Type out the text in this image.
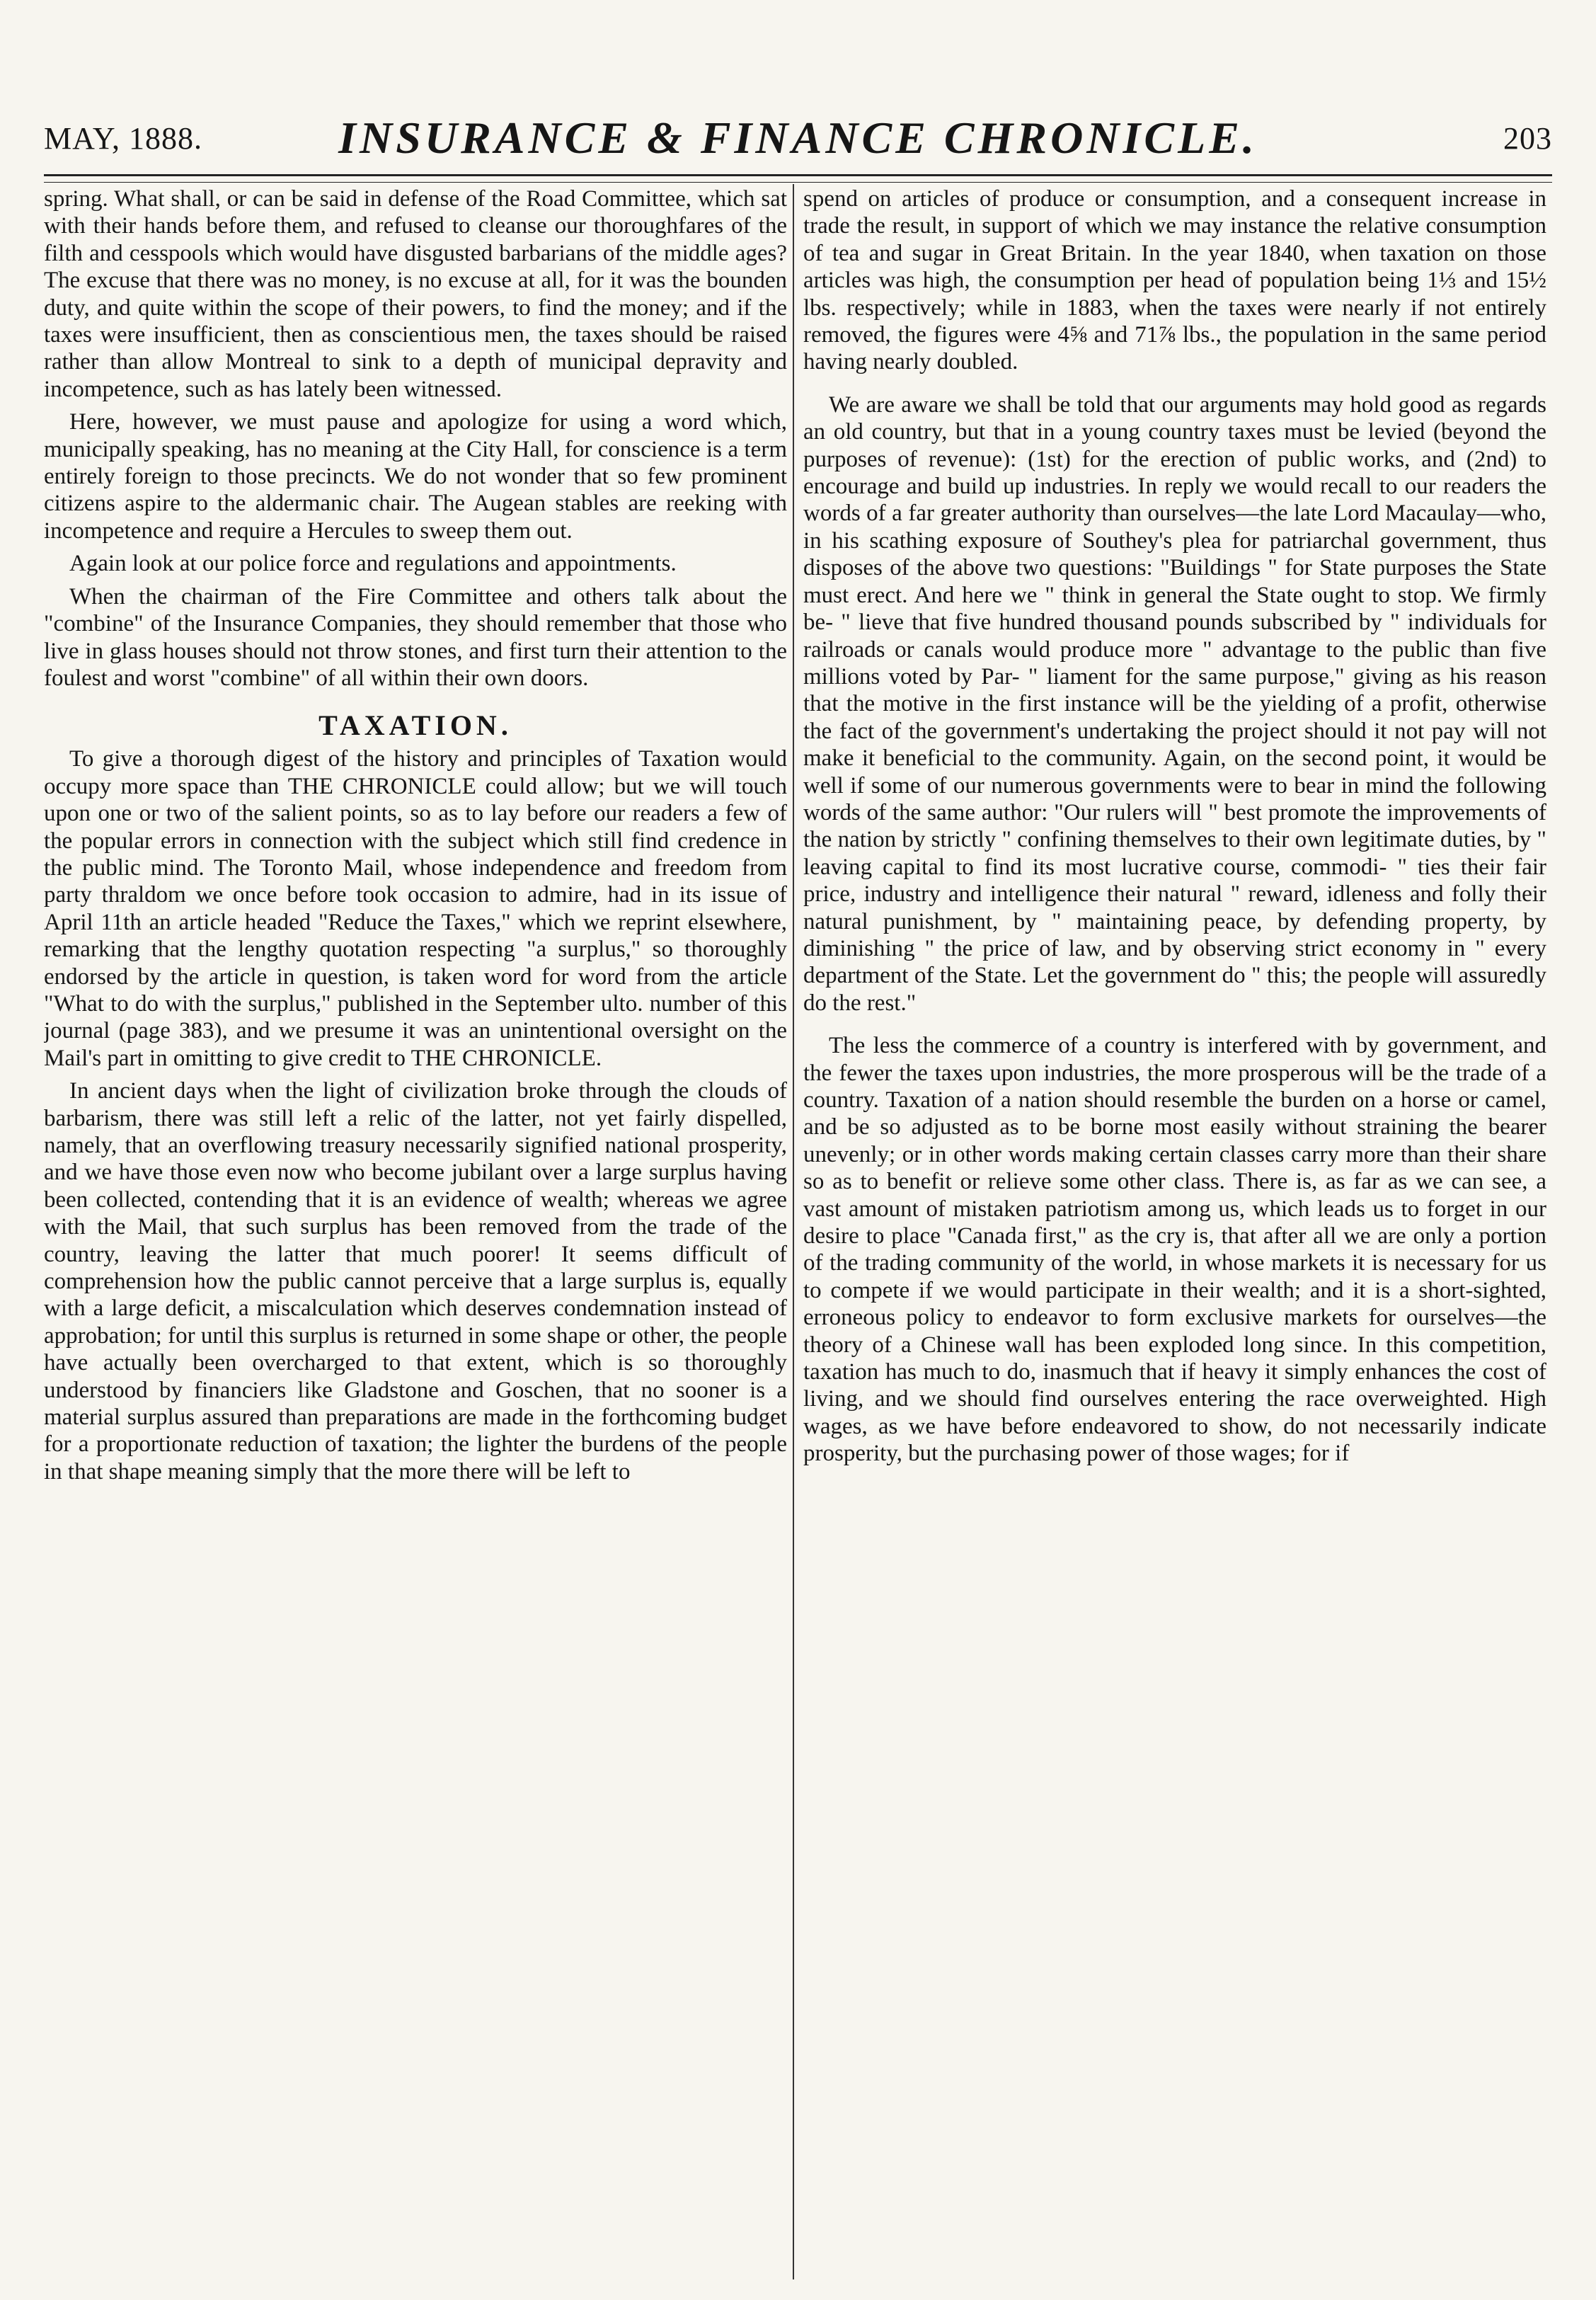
MAY, 1888.	INSURANCE & FINANCE CHRONICLE.	203

spring. What shall, or can be said in defense of the Road Committee, which sat with their hands before them, and refused to cleanse our thoroughfares of the filth and cesspools which would have disgusted barbarians of the middle ages? The excuse that there was no money, is no excuse at all, for it was the bounden duty, and quite within the scope of their powers, to find the money; and if the taxes were insufficient, then as conscientious men, the taxes should be raised rather than allow Montreal to sink to a depth of municipal depravity and incompetence, such as has lately been witnessed.

Here, however, we must pause and apologize for using a word which, municipally speaking, has no meaning at the City Hall, for conscience is a term entirely foreign to those precincts. We do not wonder that so few prominent citizens aspire to the aldermanic chair. The Augean stables are reeking with incompetence and require a Hercules to sweep them out.

Again look at our police force and regulations and appointments.

When the chairman of the Fire Committee and others talk about the "combine" of the Insurance Companies, they should remember that those who live in glass houses should not throw stones, and first turn their attention to the foulest and worst "combine" of all within their own doors.

TAXATION.

To give a thorough digest of the history and principles of Taxation would occupy more space than THE CHRONICLE could allow; but we will touch upon one or two of the salient points, so as to lay before our readers a few of the popular errors in connection with the subject which still find credence in the public mind. The Toronto Mail, whose independence and freedom from party thraldom we once before took occasion to admire, had in its issue of April 11th an article headed "Reduce the Taxes," which we reprint elsewhere, remarking that the lengthy quotation respecting "a surplus," so thoroughly endorsed by the article in question, is taken word for word from the article "What to do with the surplus," published in the September ulto. number of this journal (page 383), and we presume it was an unintentional oversight on the Mail's part in omitting to give credit to THE CHRONICLE.

In ancient days when the light of civilization broke through the clouds of barbarism, there was still left a relic of the latter, not yet fairly dispelled, namely, that an overflowing treasury necessarily signified national prosperity, and we have those even now who become jubilant over a large surplus having been collected, contending that it is an evidence of wealth; whereas we agree with the Mail, that such surplus has been removed from the trade of the country, leaving the latter that much poorer! It seems difficult of comprehension how the public cannot perceive that a large surplus is, equally with a large deficit, a miscalculation which deserves condemnation instead of approbation; for until this surplus is returned in some shape or other, the people have actually been overcharged to that extent, which is so thoroughly understood by financiers like Gladstone and Goschen, that no sooner is a material surplus assured than preparations are made in the forthcoming budget for a proportionate reduction of taxation; the lighter the burdens of the people in that shape meaning simply that the more there will be left to

spend on articles of produce or consumption, and a consequent increase in trade the result, in support of which we may instance the relative consumption of tea and sugar in Great Britain. In the year 1840, when taxation on those articles was high, the consumption per head of population being 1⅓ and 15½ lbs. respectively; while in 1883, when the taxes were nearly if not entirely removed, the figures were 4⅝ and 71⅞ lbs., the population in the same period having nearly doubled.

We are aware we shall be told that our arguments may hold good as regards an old country, but that in a young country taxes must be levied (beyond the purposes of revenue): (1st) for the erection of public works, and (2nd) to encourage and build up industries. In reply we would recall to our readers the words of a far greater authority than ourselves—the late Lord Macaulay—who, in his scathing exposure of Southey's plea for patriarchal government, thus disposes of the above two questions: "Buildings " for State purposes the State must erect. And here we " think in general the State ought to stop. We firmly be- " lieve that five hundred thousand pounds subscribed by " individuals for railroads or canals would produce more " advantage to the public than five millions voted by Par- " liament for the same purpose," giving as his reason that the motive in the first instance will be the yielding of a profit, otherwise the fact of the government's undertaking the project should it not pay will not make it beneficial to the community. Again, on the second point, it would be well if some of our numerous governments were to bear in mind the following words of the same author: "Our rulers will " best promote the improvements of the nation by strictly " confining themselves to their own legitimate duties, by " leaving capital to find its most lucrative course, commodi- " ties their fair price, industry and intelligence their natural " reward, idleness and folly their natural punishment, by " maintaining peace, by defending property, by diminishing " the price of law, and by observing strict economy in " every department of the State. Let the government do " this; the people will assuredly do the rest."

The less the commerce of a country is interfered with by government, and the fewer the taxes upon industries, the more prosperous will be the trade of a country. Taxation of a nation should resemble the burden on a horse or camel, and be so adjusted as to be borne most easily without straining the bearer unevenly; or in other words making certain classes carry more than their share so as to benefit or relieve some other class. There is, as far as we can see, a vast amount of mistaken patriotism among us, which leads us to forget in our desire to place "Canada first," as the cry is, that after all we are only a portion of the trading community of the world, in whose markets it is necessary for us to compete if we would participate in their wealth; and it is a short-sighted, erroneous policy to endeavor to form exclusive markets for ourselves—the theory of a Chinese wall has been exploded long since. In this competition, taxation has much to do, inasmuch that if heavy it simply enhances the cost of living, and we should find ourselves entering the race overweighted. High wages, as we have before endeavored to show, do not necessarily indicate prosperity, but the purchasing power of those wages; for if
